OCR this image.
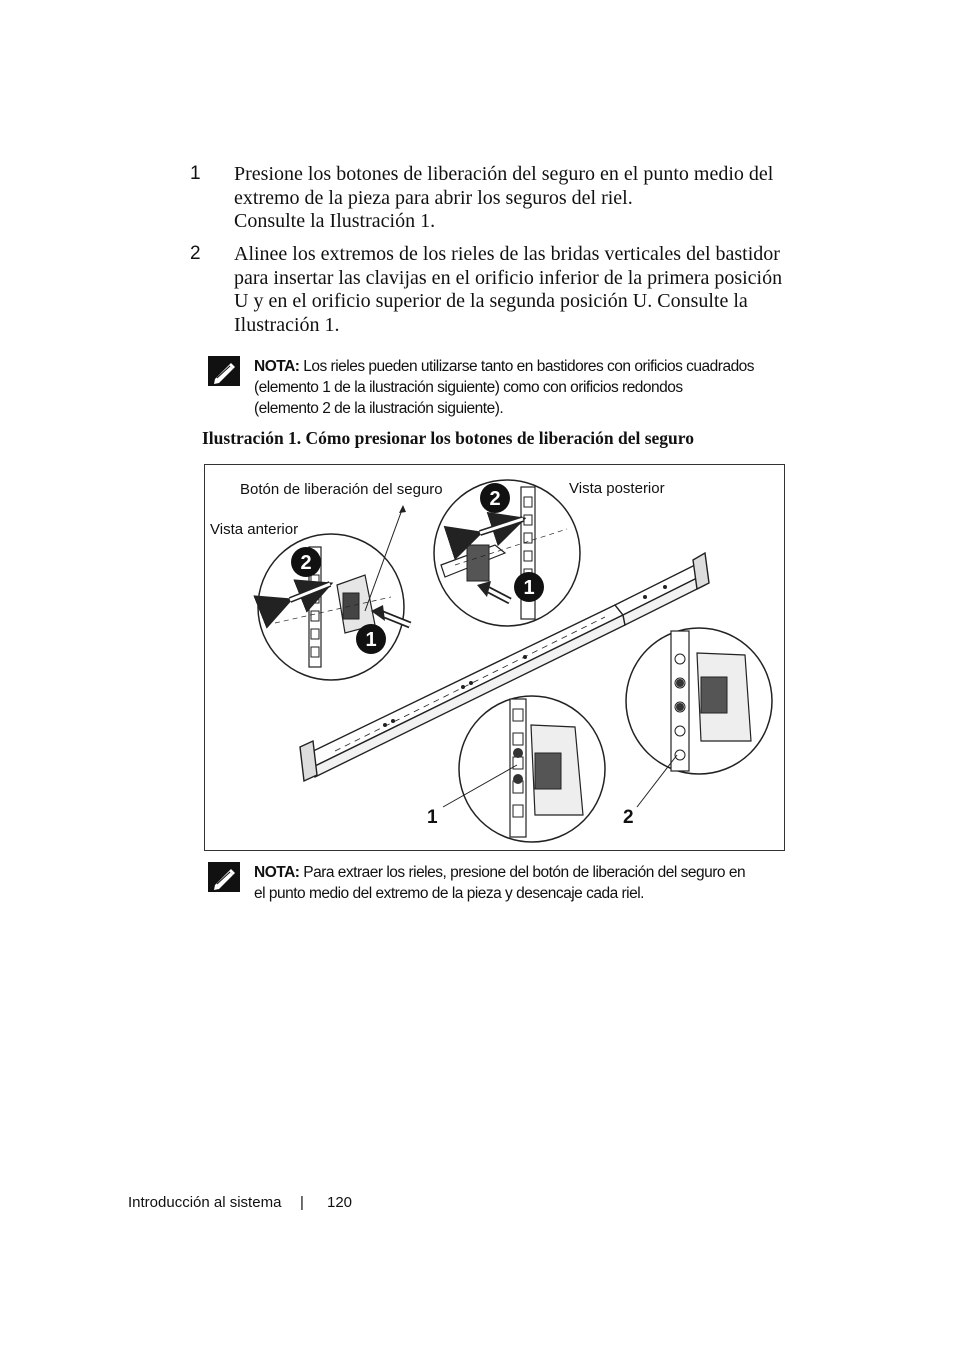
1 Presione los botones de liberación del seguro en el punto medio del
extremo de la pieza para abrir los seguros del riel.
Consulte la Ilustración 1.
2 Alinee los extremos de los rieles de las bridas verticales del bastidor
para insertar las clavijas en el orificio inferior de la primera posición
U y en el orificio superior de la segunda posición U. Consulte la
Ilustración 1.
NOTA: Los rieles pueden utilizarse tanto en bastidores con orificios cuadrados
(elemento 1 de la ilustración siguiente) como con orificios redondos
(elemento 2 de la ilustración siguiente).
Ilustración 1. Cómo presionar los botones de liberación del seguro
2
1
2
1
1	2
Botón de liberación del seguro	Vista posterior
Vista anterior
NOTA: Para extraer los rieles, presione del botón de liberación del seguro en
el punto medio del extremo de la pieza y desencaje cada riel.
Introducción al sistema | 120
